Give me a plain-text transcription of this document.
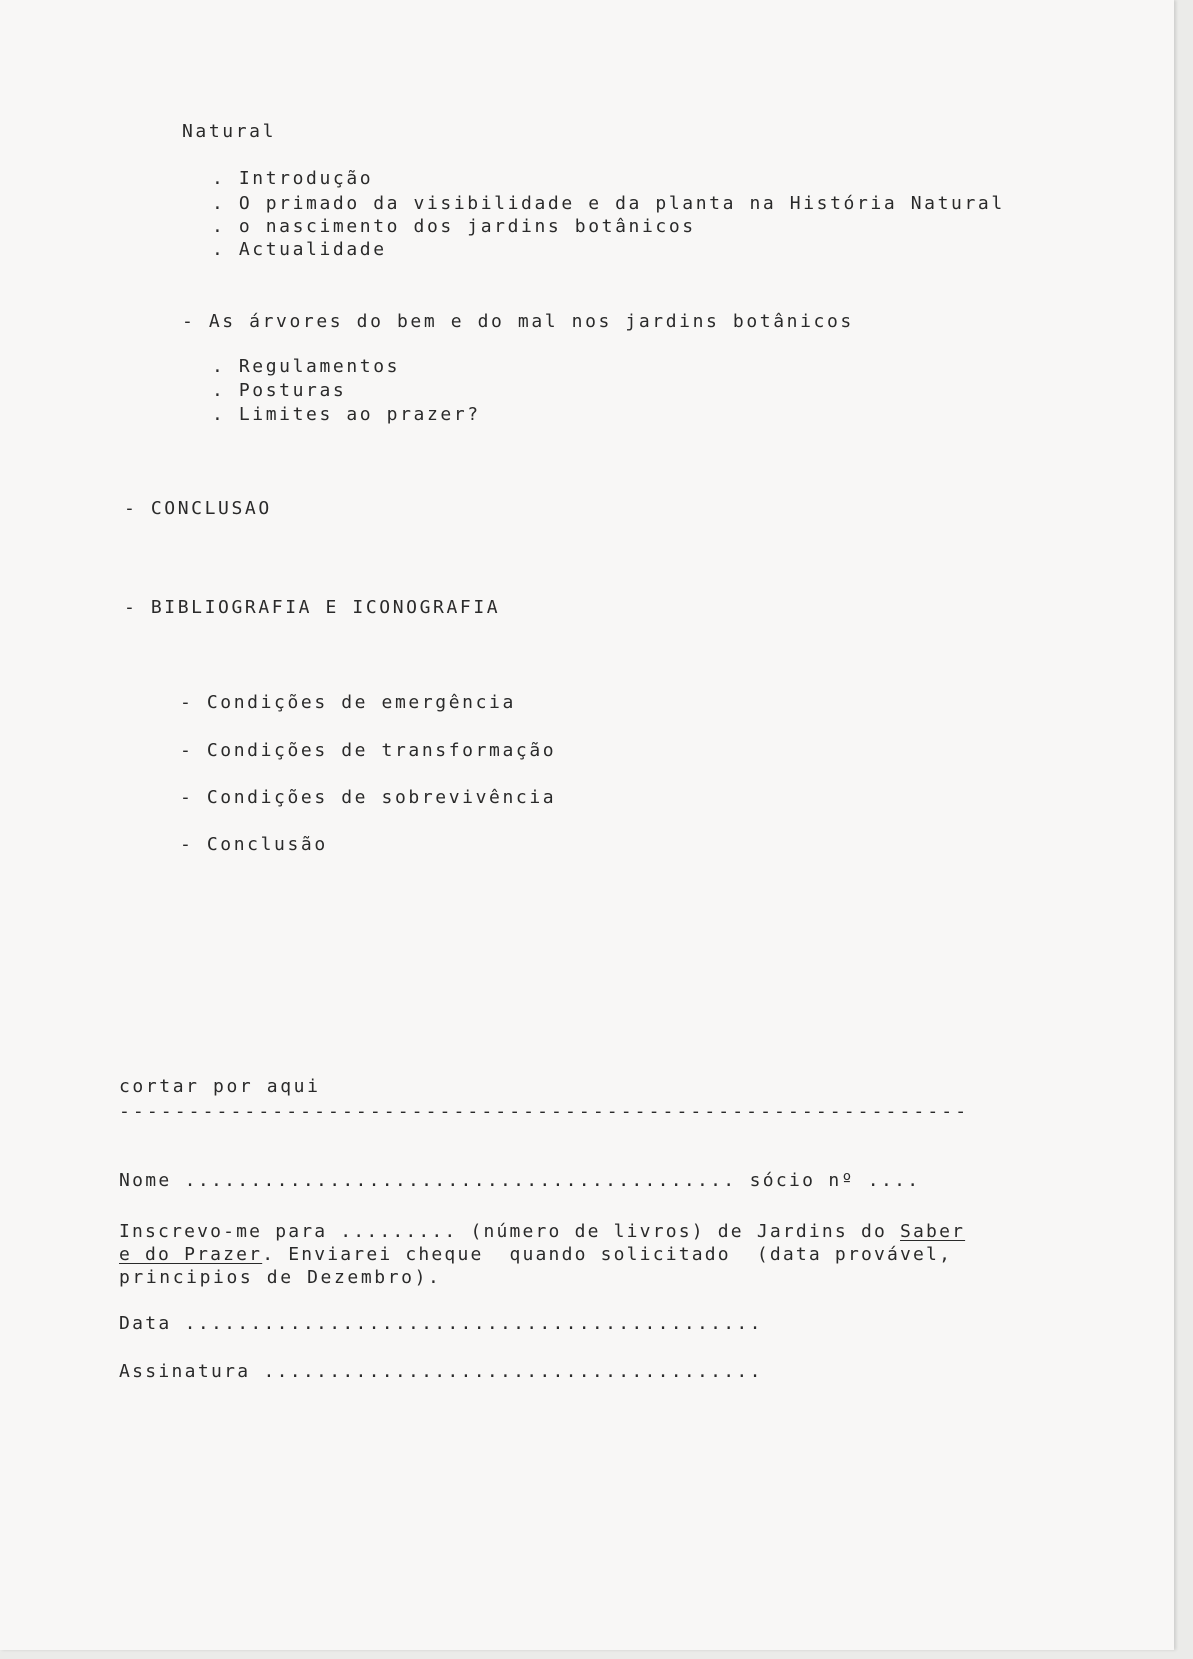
Natural
. Introdução
. O primado da visibilidade e da planta na História Natural
. o nascimento dos jardins botânicos
. Actualidade
- As árvores do bem e do mal nos jardins botânicos
. Regulamentos
. Posturas
. Limites ao prazer?
- CONCLUSAO
- BIBLIOGRAFIA E ICONOGRAFIA
- Condições de emergência
- Condições de transformação
- Condições de sobrevivência
- Conclusão
cortar por aqui
-------------------------------------------------------------
Nome .......................................... sócio nº ....
Inscrevo-me para ......... (número de livros) de Jardins do Saber
e do Prazer. Enviarei cheque  quando solicitado  (data provável,
principios de Dezembro).
Data ............................................
Assinatura ......................................
